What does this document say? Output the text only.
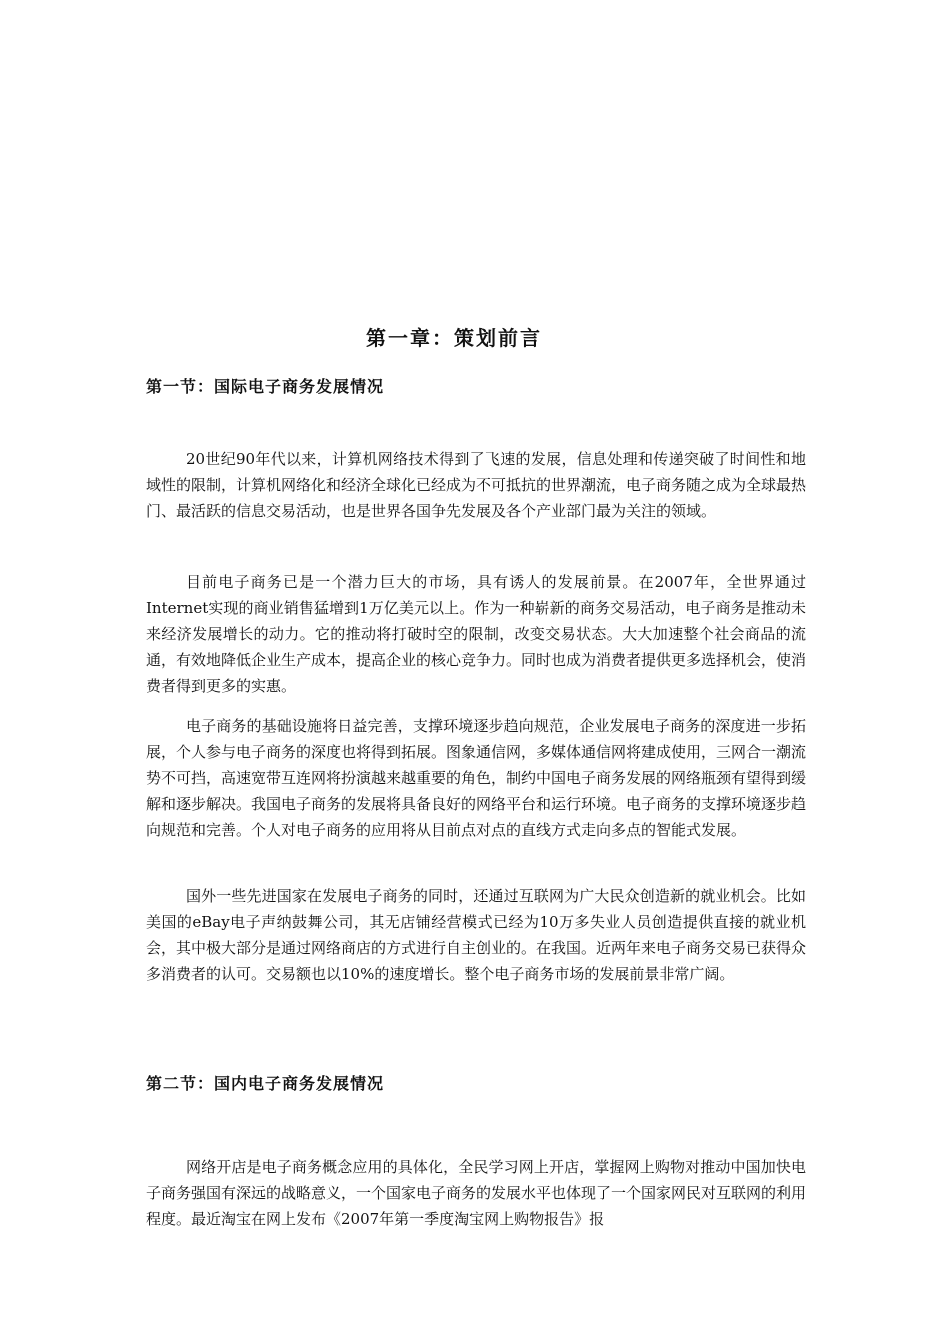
第一章：策划前言
第一节：国际电子商务发展情况

20世纪90年代以来，计算机网络技术得到了飞速的发展，信息处理和传递突破了时间性和地域性的限制，计算机网络化和经济全球化已经成为不可抵抗的世界潮流，电子商务随之成为全球最热门、最活跃的信息交易活动，也是世界各国争先发展及各个产业部门最为关注的领域。

目前电子商务已是一个潜力巨大的市场，具有诱人的发展前景。在2007年，全世界通过Internet实现的商业销售猛增到1万亿美元以上。作为一种崭新的商务交易活动，电子商务是推动未来经济发展增长的动力。它的推动将打破时空的限制，改变交易状态。大大加速整个社会商品的流通，有效地降低企业生产成本，提高企业的核心竞争力。同时也成为消费者提供更多选择机会，使消费者得到更多的实惠。

电子商务的基础设施将日益完善，支撑环境逐步趋向规范，企业发展电子商务的深度进一步拓展，个人参与电子商务的深度也将得到拓展。图象通信网，多媒体通信网将建成使用，三网合一潮流势不可挡，高速宽带互连网将扮演越来越重要的角色，制约中国电子商务发展的网络瓶颈有望得到缓解和逐步解决。我国电子商务的发展将具备良好的网络平台和运行环境。电子商务的支撑环境逐步趋向规范和完善。个人对电子商务的应用将从目前点对点的直线方式走向多点的智能式发展。

国外一些先进国家在发展电子商务的同时，还通过互联网为广大民众创造新的就业机会。比如美国的eBay电子声纳鼓舞公司，其无店铺经营模式已经为10万多失业人员创造提供直接的就业机会，其中极大部分是通过网络商店的方式进行自主创业的。在我国。近两年来电子商务交易已获得众多消费者的认可。交易额也以10%的速度增长。整个电子商务市场的发展前景非常广阔。

第二节：国内电子商务发展情况

网络开店是电子商务概念应用的具体化，全民学习网上开店，掌握网上购物对推动中国加快电子商务强国有深远的战略意义，一个国家电子商务的发展水平也体现了一个国家网民对互联网的利用程度。最近淘宝在网上发布《2007年第一季度淘宝网上购物报告》报
